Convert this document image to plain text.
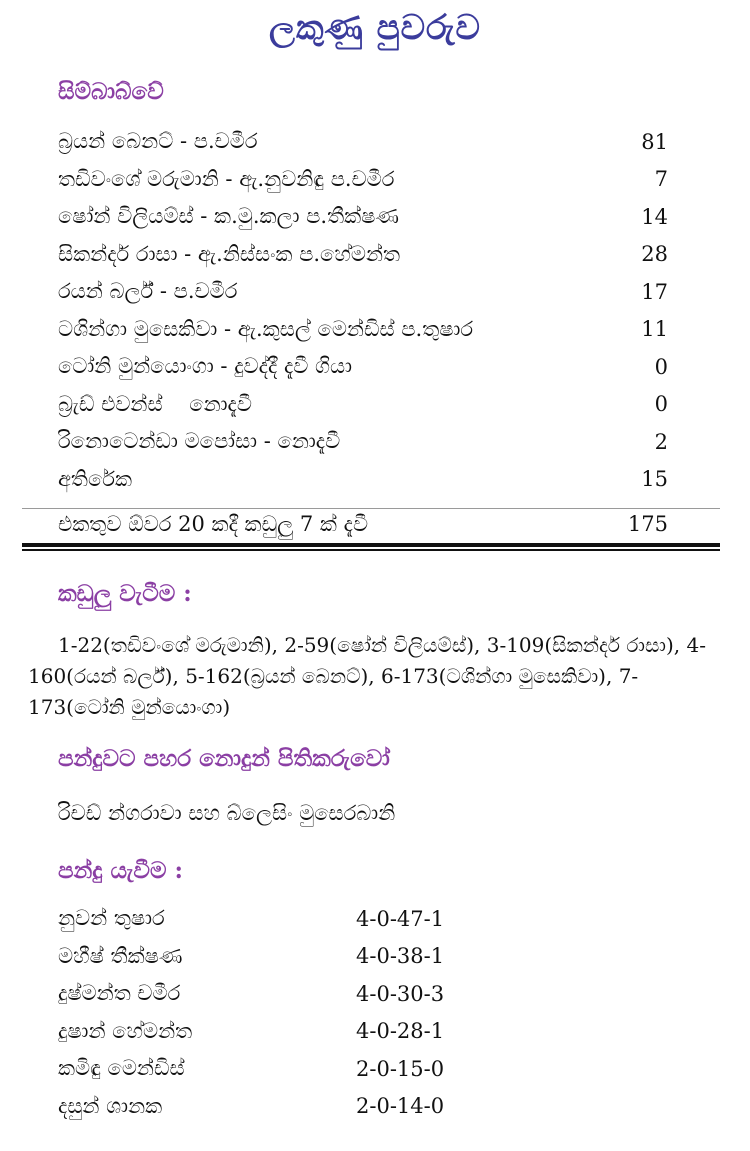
ලකුණු පුවරුව
සිම්බාබ්වේ
බ්‍රයන් බෙනට් - ප.චමීර	81
තඩිවංශේ මරුමානි - ඇ.නුවනිඳු ප.චමීර	7
ෂෝන් විලියම්ස් - ක.මු.කලා ප.තීක්ෂණ	14
සිකන්දර් රාසා - ඇ.නිස්සංක ප.හේමන්ත	28
රයන් බර්ල් - ප.චමීර	17
ටශින්ගා මුසෙකිවා - ඇ.කුසල් මෙන්ඩිස් ප.තුෂාර	11
ටෝනි මුන්යොංගා - දුවද්දී දැවී ගියා	0
බ්‍රැඩ් එවන්ස්    නොදැවී	0
රිනොටෙන්ඩා මපෝසා - නොදැවී	2
අතිරේක	15
එකතුව ඕවර 20 කදී කඩුලු 7 ක් දැවී	175
කඩුලු වැටීම :
1-22(තඩිවංශේ මරුමානි), 2-59(ෂෝන් විලියම්ස්), 3-109(සිකන්දර් රාසා), 4-160(රයන් බර්ල්), 5-162(බ්‍රයන් බෙනට්), 6-173(ටශින්ගා මුසෙකිවා), 7-173(ටෝනි මුන්යොංගා)
පන්දුවට පහර නොදුන් පිතිකරුවෝ
රිචඩ් න්ගරාවා සහ බ්ලෙසිං මුසෙරබානි
පන්දු යැවීම :
නුවන් තුෂාර	4-0-47-1
මහීෂ් තීක්ෂණ	4-0-38-1
දුෂ්මන්ත චමීර	4-0-30-3
දුෂාන් හේමන්ත	4-0-28-1
කමිඳු මෙන්ඩිස්	2-0-15-0
දසුන් ශානක	2-0-14-0
